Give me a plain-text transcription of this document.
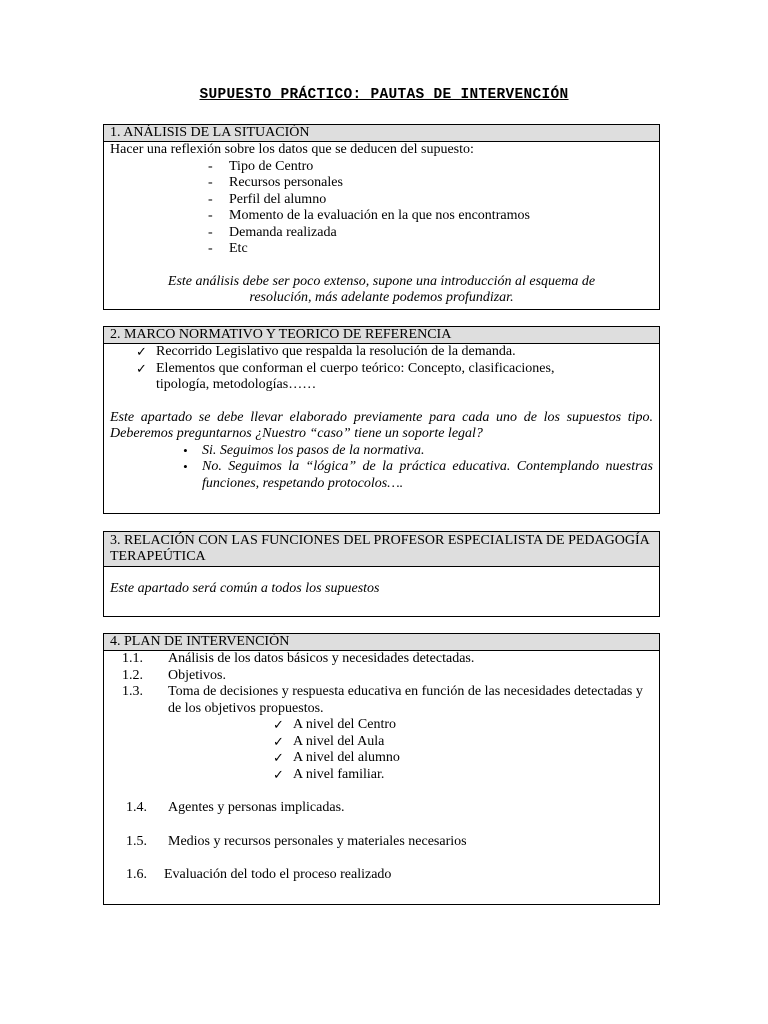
SUPUESTO PRÁCTICO: PAUTAS DE INTERVENCIÓN
1. ANÁLISIS DE LA SITUACIÓN
Hacer una reflexión sobre los datos que se deducen del supuesto:
- Tipo de Centro
- Recursos personales
- Perfil del alumno
- Momento de la evaluación en la que nos encontramos
- Demanda realizada
- Etc
Este análisis debe ser poco extenso, supone una introducción al esquema de
resolución, más adelante podemos profundizar.
2. MARCO NORMATIVO Y TEORICO DE REFERENCIA
✓ Recorrido Legislativo que respalda la resolución de la demanda.
✓ Elementos que conforman el cuerpo teórico: Concepto, clasificaciones, tipología, metodologías……
Este apartado se debe llevar elaborado previamente para cada uno de los supuestos tipo. Deberemos preguntarnos ¿Nuestro “caso” tiene un soporte legal?
• Si. Seguimos los pasos de la normativa.
• No. Seguimos la “lógica” de la práctica educativa. Contemplando nuestras funciones, respetando protocolos….
3. RELACIÓN CON LAS FUNCIONES DEL PROFESOR ESPECIALISTA DE PEDAGOGÍA TERAPEÚTICA
Este apartado será común a todos los supuestos
4. PLAN DE INTERVENCIÓN
1.1. Análisis de los datos básicos y necesidades detectadas.
1.2. Objetivos.
1.3. Toma de decisiones y respuesta educativa en función de las necesidades detectadas y de los objetivos propuestos.
✓ A nivel del Centro
✓ A nivel del Aula
✓ A nivel del alumno
✓ A nivel familiar.
1.4. Agentes y personas implicadas.
1.5. Medios y recursos personales y materiales necesarios
1.6. Evaluación del todo el proceso realizado
